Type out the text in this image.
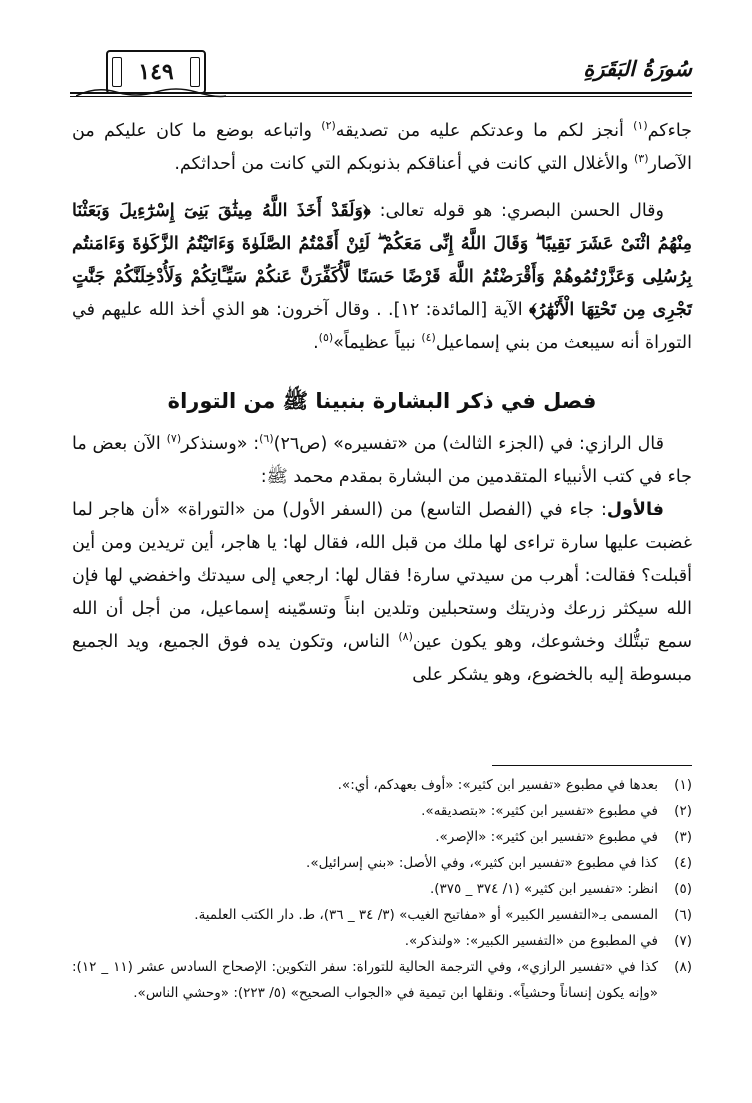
١٤٩	سُورَةُ البَقَرَةِ

جاءكم$^{(١)}$ أنجز لكم ما وعدتكم عليه من تصديقه$^{(٢)}$ واتباعه بوضع ما كان عليكم من الآصار$^{(٣)}$ والأغلال التي كانت في أعناقكم بذنوبكم التي كانت من أحداثكم.

وقال الحسن البصري: هو قوله تعالى: ﴿وَلَقَدْ أَخَذَ اللَّهُ مِيثَٰقَ بَنِىٓ إِسْرَٰٓءِيلَ وَبَعَثْنَا مِنْهُمُ اثْنَىْ عَشَرَ نَقِيبًا ۖ وَقَالَ اللَّهُ إِنِّى مَعَكُمْ ۖ لَئِنْ أَقَمْتُمُ الصَّلَوٰةَ وَءَاتَيْتُمُ الزَّكَوٰةَ وَءَامَنتُم بِرُسُلِى وَعَزَّرْتُمُوهُمْ وَأَقْرَضْتُمُ اللَّهَ قَرْضًا حَسَنًا لَّأُكَفِّرَنَّ عَنكُمْ سَيِّـَٔاتِكُمْ وَلَأُدْخِلَنَّكُمْ جَنَّٰتٍ تَجْرِى مِن تَحْتِهَا الْأَنْهَٰرُ﴾ الآية [المائدة: ١٢]. . وقال آخرون: هو الذي أخذ الله عليهم في التوراة أنه سيبعث من بني إسماعيل$^{(٤)}$ نبياً عظيماً»$^{(٥)}$.

فصل في ذكر البشارة بنبينا ﷺ من التوراة

قال الرازي: في (الجزء الثالث) من «تفسيره» (ص٢٦)$^{(٦)}$: «وسنذكر$^{(٧)}$ الآن بعض ما جاء في كتب الأنبياء المتقدمين من البشارة بمقدم محمد ﷺ:

فالأول: جاء في (الفصل التاسع) من (السفر الأول) من «التوراة» «أن هاجر لما غضبت عليها سارة تراءى لها ملك من قبل الله، فقال لها: يا هاجر، أين تريدين ومن أين أقبلت؟ فقالت: أهرب من سيدتي سارة! فقال لها: ارجعي إلى سيدتك واخفضي لها فإن الله سيكثر زرعك وذريتك وستحبلين وتلدين ابناً وتسمّينه إسماعيل، من أجل أن الله سمع تبتُّلك وخشوعك، وهو يكون عين$^{(٨)}$ الناس، وتكون يده فوق الجميع، ويد الجميع مبسوطة إليه بالخضوع، وهو يشكر على

(١)
بعدها في مطبوع «تفسير ابن كثير»: «أوف بعهدكم، أي:».
(٢)
في مطبوع «تفسير ابن كثير»: «بتصديقه».
(٣)
في مطبوع «تفسير ابن كثير»: «الإصر».
(٤)
كذا في مطبوع «تفسير ابن كثير»، وفي الأصل: «بني إسرائيل».
(٥)
انظر: «تفسير ابن كثير» (١/ ٣٧٤ _ ٣٧٥).
(٦)
المسمى بـ«التفسير الكبير» أو «مفاتيح الغيب» (٣/ ٣٤ _ ٣٦)، ط. دار الكتب العلمية.
(٧)
في المطبوع من «التفسير الكبير»: «ولنذكر».
(٨)
كذا في «تفسير الرازي»، وفي الترجمة الحالية للتوراة: سفر التكوين: الإصحاح السادس عشر (١١ _ ١٢): «وإنه يكون إنساناً وحشياً». ونقلها ابن تيمية في «الجواب الصحيح» (٥/ ٢٢٣): «وحشي الناس».
